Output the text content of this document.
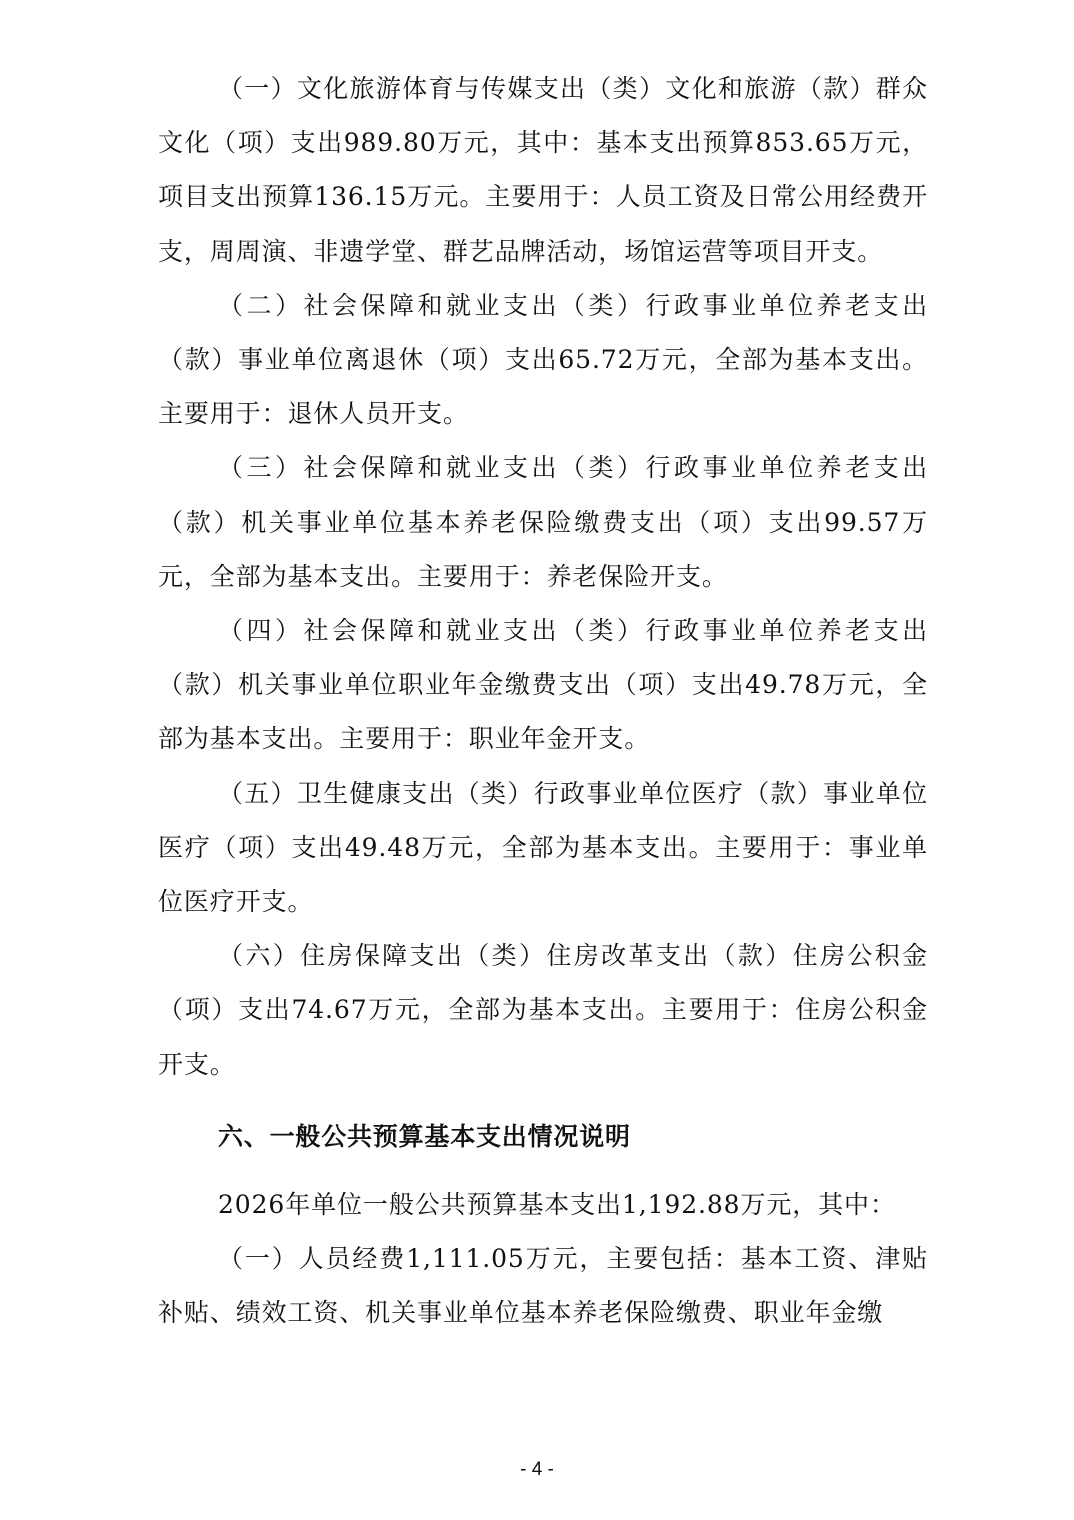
（一）文化旅游体育与传媒支出（类）文化和旅游（款）群众文化（项）支出989.80万元，其中：基本支出预算853.65万元，项目支出预算136.15万元。主要用于：人员工资及日常公用经费开支，周周演、非遗学堂、群艺品牌活动，场馆运营等项目开支。

（二）社会保障和就业支出（类）行政事业单位养老支出（款）事业单位离退休（项）支出65.72万元，全部为基本支出。主要用于：退休人员开支。

（三）社会保障和就业支出（类）行政事业单位养老支出（款）机关事业单位基本养老保险缴费支出（项）支出99.57万元，全部为基本支出。主要用于：养老保险开支。

（四）社会保障和就业支出（类）行政事业单位养老支出（款）机关事业单位职业年金缴费支出（项）支出49.78万元，全部为基本支出。主要用于：职业年金开支。

（五）卫生健康支出（类）行政事业单位医疗（款）事业单位医疗（项）支出49.48万元，全部为基本支出。主要用于：事业单位医疗开支。

（六）住房保障支出（类）住房改革支出（款）住房公积金（项）支出74.67万元，全部为基本支出。主要用于：住房公积金开支。

六、一般公共预算基本支出情况说明

2026年单位一般公共预算基本支出1,192.88万元，其中：

（一）人员经费1,111.05万元，主要包括：基本工资、津贴补贴、绩效工资、机关事业单位基本养老保险缴费、职业年金缴

- 4 -
